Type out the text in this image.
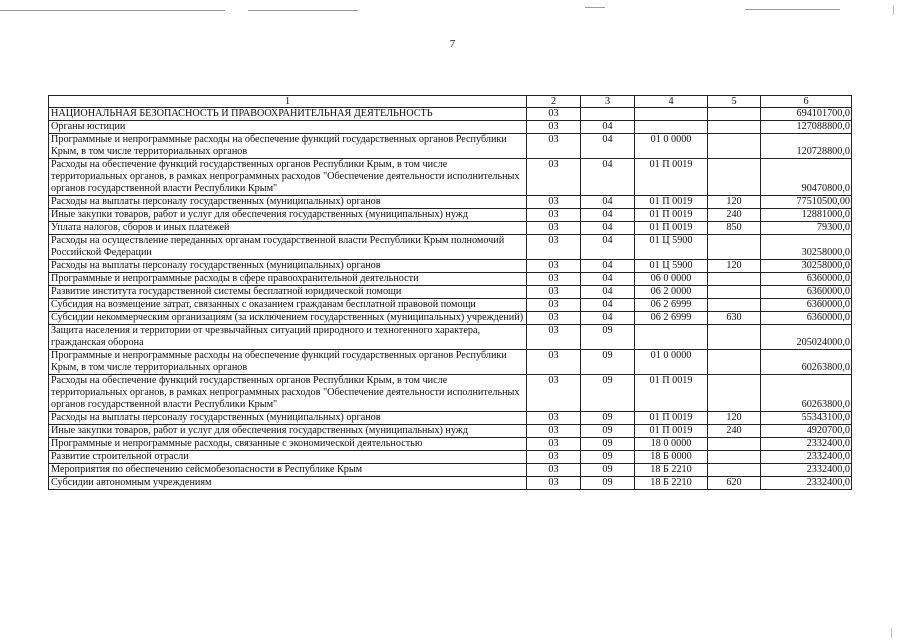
7
1	2	3	4	5	6
НАЦИОНАЛЬНАЯ БЕЗОПАСНОСТЬ И ПРАВООХРАНИТЕЛЬНАЯ ДЕЯТЕЛЬНОСТЬ	03				694101700,0
Органы юстиции	03	04			127088800,0
Программные и непрограммные расходы на обеспечение функций государственных органов Республики Крым, в том числе территориальных органов	03	04	01 0 0000		120728800,0
Расходы на обеспечение функций государственных органов Республики Крым, в том числе территориальных органов, в рамках непрограммных расходов "Обеспечение деятельности исполнительных органов государственной власти Республики Крым"	03	04	01 П 0019		90470800,0
Расходы на выплаты персоналу государственных (муниципальных) органов	03	04	01 П 0019	120	77510500,00
Иные закупки товаров, работ и услуг для обеспечения государственных (муниципальных) нужд	03	04	01 П 0019	240	12881000,0
Уплата налогов, сборов и иных платежей	03	04	01 П 0019	850	79300,0
Расходы на осуществление переданных органам государственной власти Республики Крым полномочий Российской Федерации	03	04	01 Ц 5900		30258000,0
Расходы на выплаты персоналу государственных (муниципальных) органов	03	04	01 Ц 5900	120	30258000,0
Программные и непрограммные расходы в сфере правоохранительной деятельности	03	04	06 0 0000		6360000,0
Развитие института государственной системы бесплатной юридической помощи	03	04	06 2 0000		6360000,0
Субсидия на возмещение затрат, связанных с оказанием гражданам бесплатной правовой помощи	03	04	06 2 6999		6360000,0
Субсидии некоммерческим организациям (за исключением государственных (муниципальных) учреждений)	03	04	06 2 6999	630	6360000,0
Защита населения и территории от чрезвычайных ситуаций природного и техногенного характера, гражданская оборона	03	09			205024000,0
Программные и непрограммные расходы на обеспечение функций государственных органов Республики Крым, в том числе территориальных органов	03	09	01 0 0000		60263800,0
Расходы на обеспечение функций государственных органов Республики Крым, в том числе территориальных органов, в рамках непрограммных расходов "Обеспечение деятельности исполнительных органов государственной власти Республики Крым"	03	09	01 П 0019		60263800,0
Расходы на выплаты персоналу государственных (муниципальных) органов	03	09	01 П 0019	120	55343100,0
Иные закупки товаров, работ и услуг для обеспечения государственных (муниципальных) нужд	03	09	01 П 0019	240	4920700,0
Программные и непрограммные расходы, связанные с экономической деятельностью	03	09	18 0 0000		2332400,0
Развитие строительной отрасли	03	09	18 Б 0000		2332400,0
Мероприятия по обеспечению сейсмобезопасности в Республике Крым	03	09	18 Б 2210		2332400,0
Субсидии автономным учреждениям	03	09	18 Б 2210	620	2332400,0
